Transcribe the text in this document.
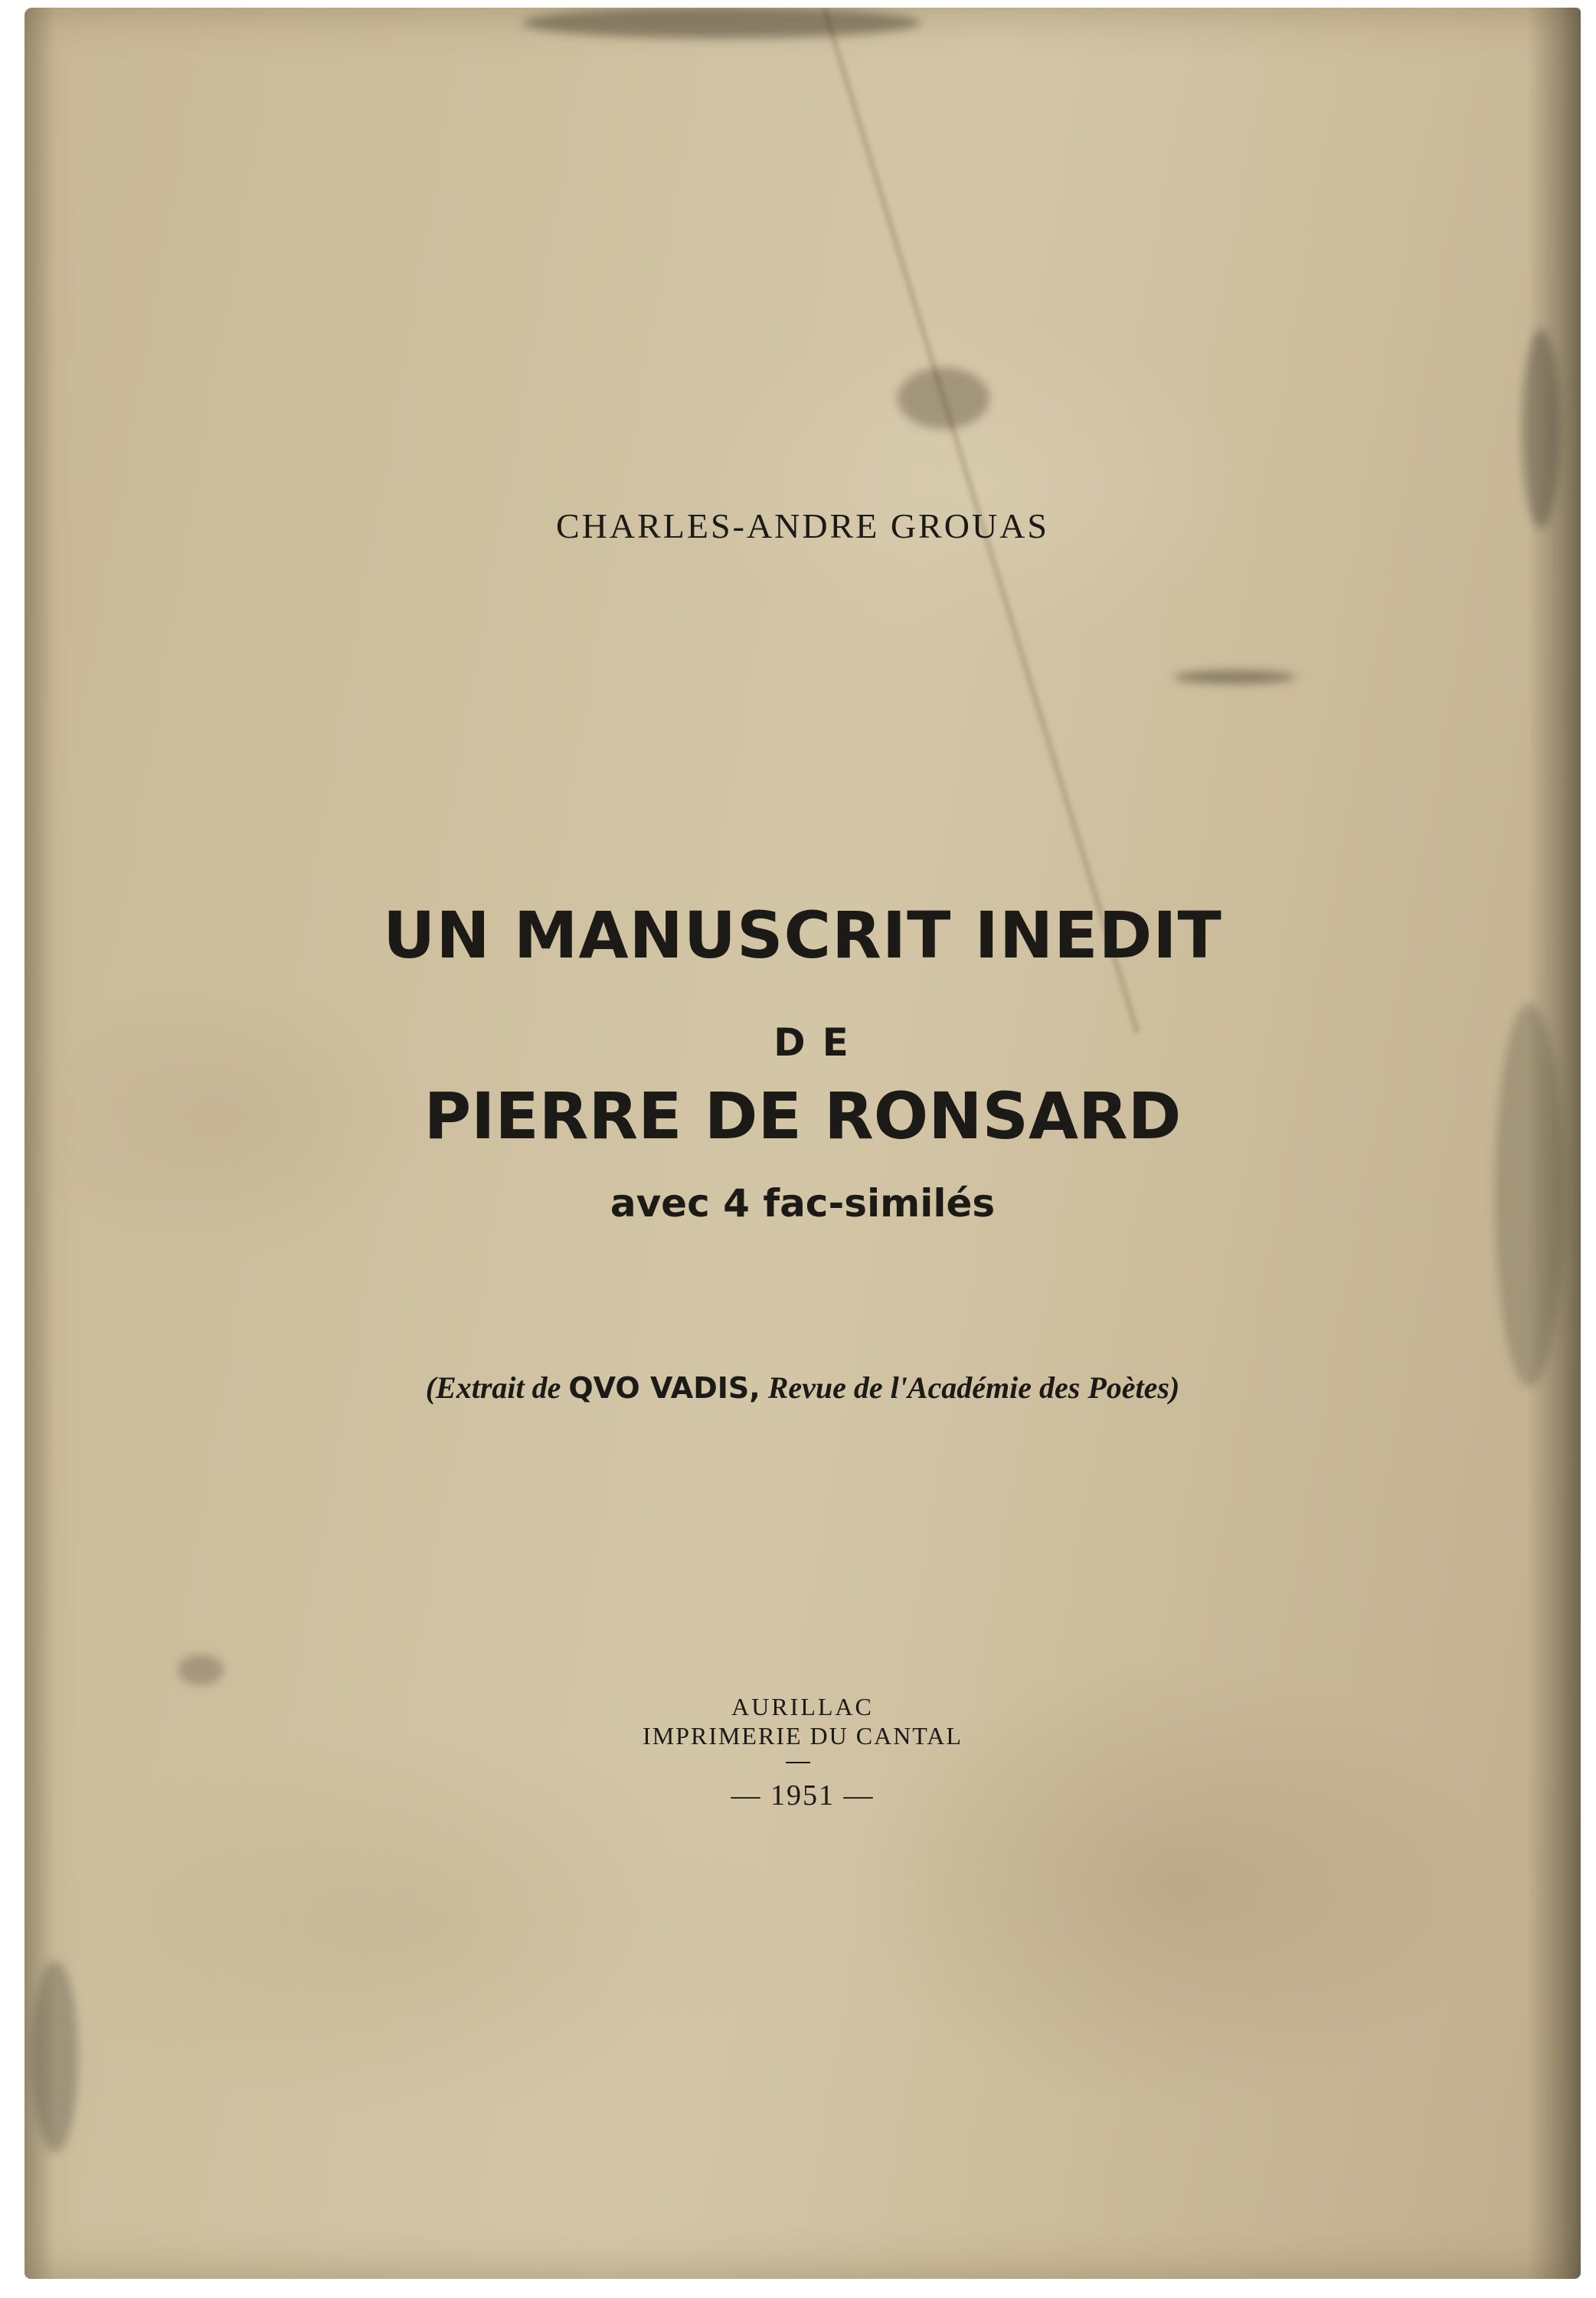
CHARLES-ANDRE GROUAS
UN MANUSCRIT INEDIT
DE
PIERRE DE RONSARD
avec 4 fac-similés
(Extrait de QVO VADIS, Revue de l'Académie des Poètes)
AURILLAC
IMPRIMERIE DU CANTAL
— 1951 —
